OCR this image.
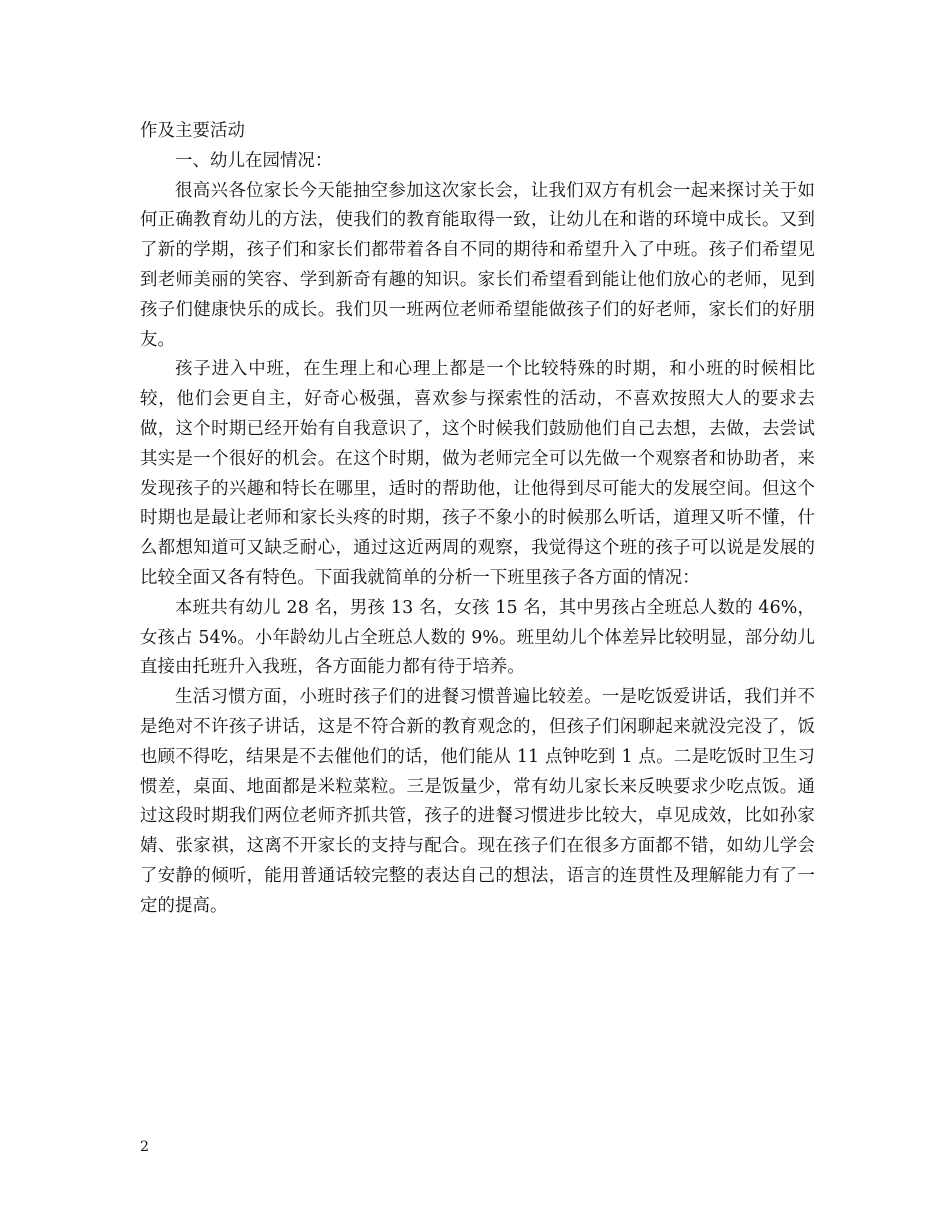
作及主要活动

一、幼儿在园情况：

很高兴各位家长今天能抽空参加这次家长会，让我们双方有机会一起来探讨关于如何正确教育幼儿的方法，使我们的教育能取得一致，让幼儿在和谐的环境中成长。又到了新的学期，孩子们和家长们都带着各自不同的期待和希望升入了中班。孩子们希望见到老师美丽的笑容、学到新奇有趣的知识。家长们希望看到能让他们放心的老师，见到孩子们健康快乐的成长。我们贝一班两位老师希望能做孩子们的好老师，家长们的好朋友。

孩子进入中班，在生理上和心理上都是一个比较特殊的时期，和小班的时候相比较，他们会更自主，好奇心极强，喜欢参与探索性的活动，不喜欢按照大人的要求去做，这个时期已经开始有自我意识了，这个时候我们鼓励他们自己去想，去做，去尝试其实是一个很好的机会。在这个时期，做为老师完全可以先做一个观察者和协助者，来发现孩子的兴趣和特长在哪里，适时的帮助他，让他得到尽可能大的发展空间。但这个时期也是最让老师和家长头疼的时期，孩子不象小的时候那么听话，道理又听不懂，什么都想知道可又缺乏耐心，通过这近两周的观察，我觉得这个班的孩子可以说是发展的比较全面又各有特色。下面我就简单的分析一下班里孩子各方面的情况：

本班共有幼儿 28 名，男孩 13 名，女孩 15 名，其中男孩占全班总人数的 46%，女孩占 54%。小年龄幼儿占全班总人数的 9%。班里幼儿个体差异比较明显，部分幼儿直接由托班升入我班，各方面能力都有待于培养。

生活习惯方面，小班时孩子们的进餐习惯普遍比较差。一是吃饭爱讲话，我们并不是绝对不许孩子讲话，这是不符合新的教育观念的，但孩子们闲聊起来就没完没了，饭也顾不得吃，结果是不去催他们的话，他们能从 11 点钟吃到 1 点。二是吃饭时卫生习惯差，桌面、地面都是米粒菜粒。三是饭量少，常有幼儿家长来反映要求少吃点饭。通过这段时期我们两位老师齐抓共管，孩子的进餐习惯进步比较大，卓见成效，比如孙家婧、张家祺，这离不开家长的支持与配合。现在孩子们在很多方面都不错，如幼儿学会了安静的倾听，能用普通话较完整的表达自己的想法，语言的连贯性及理解能力有了一定的提高。

2
